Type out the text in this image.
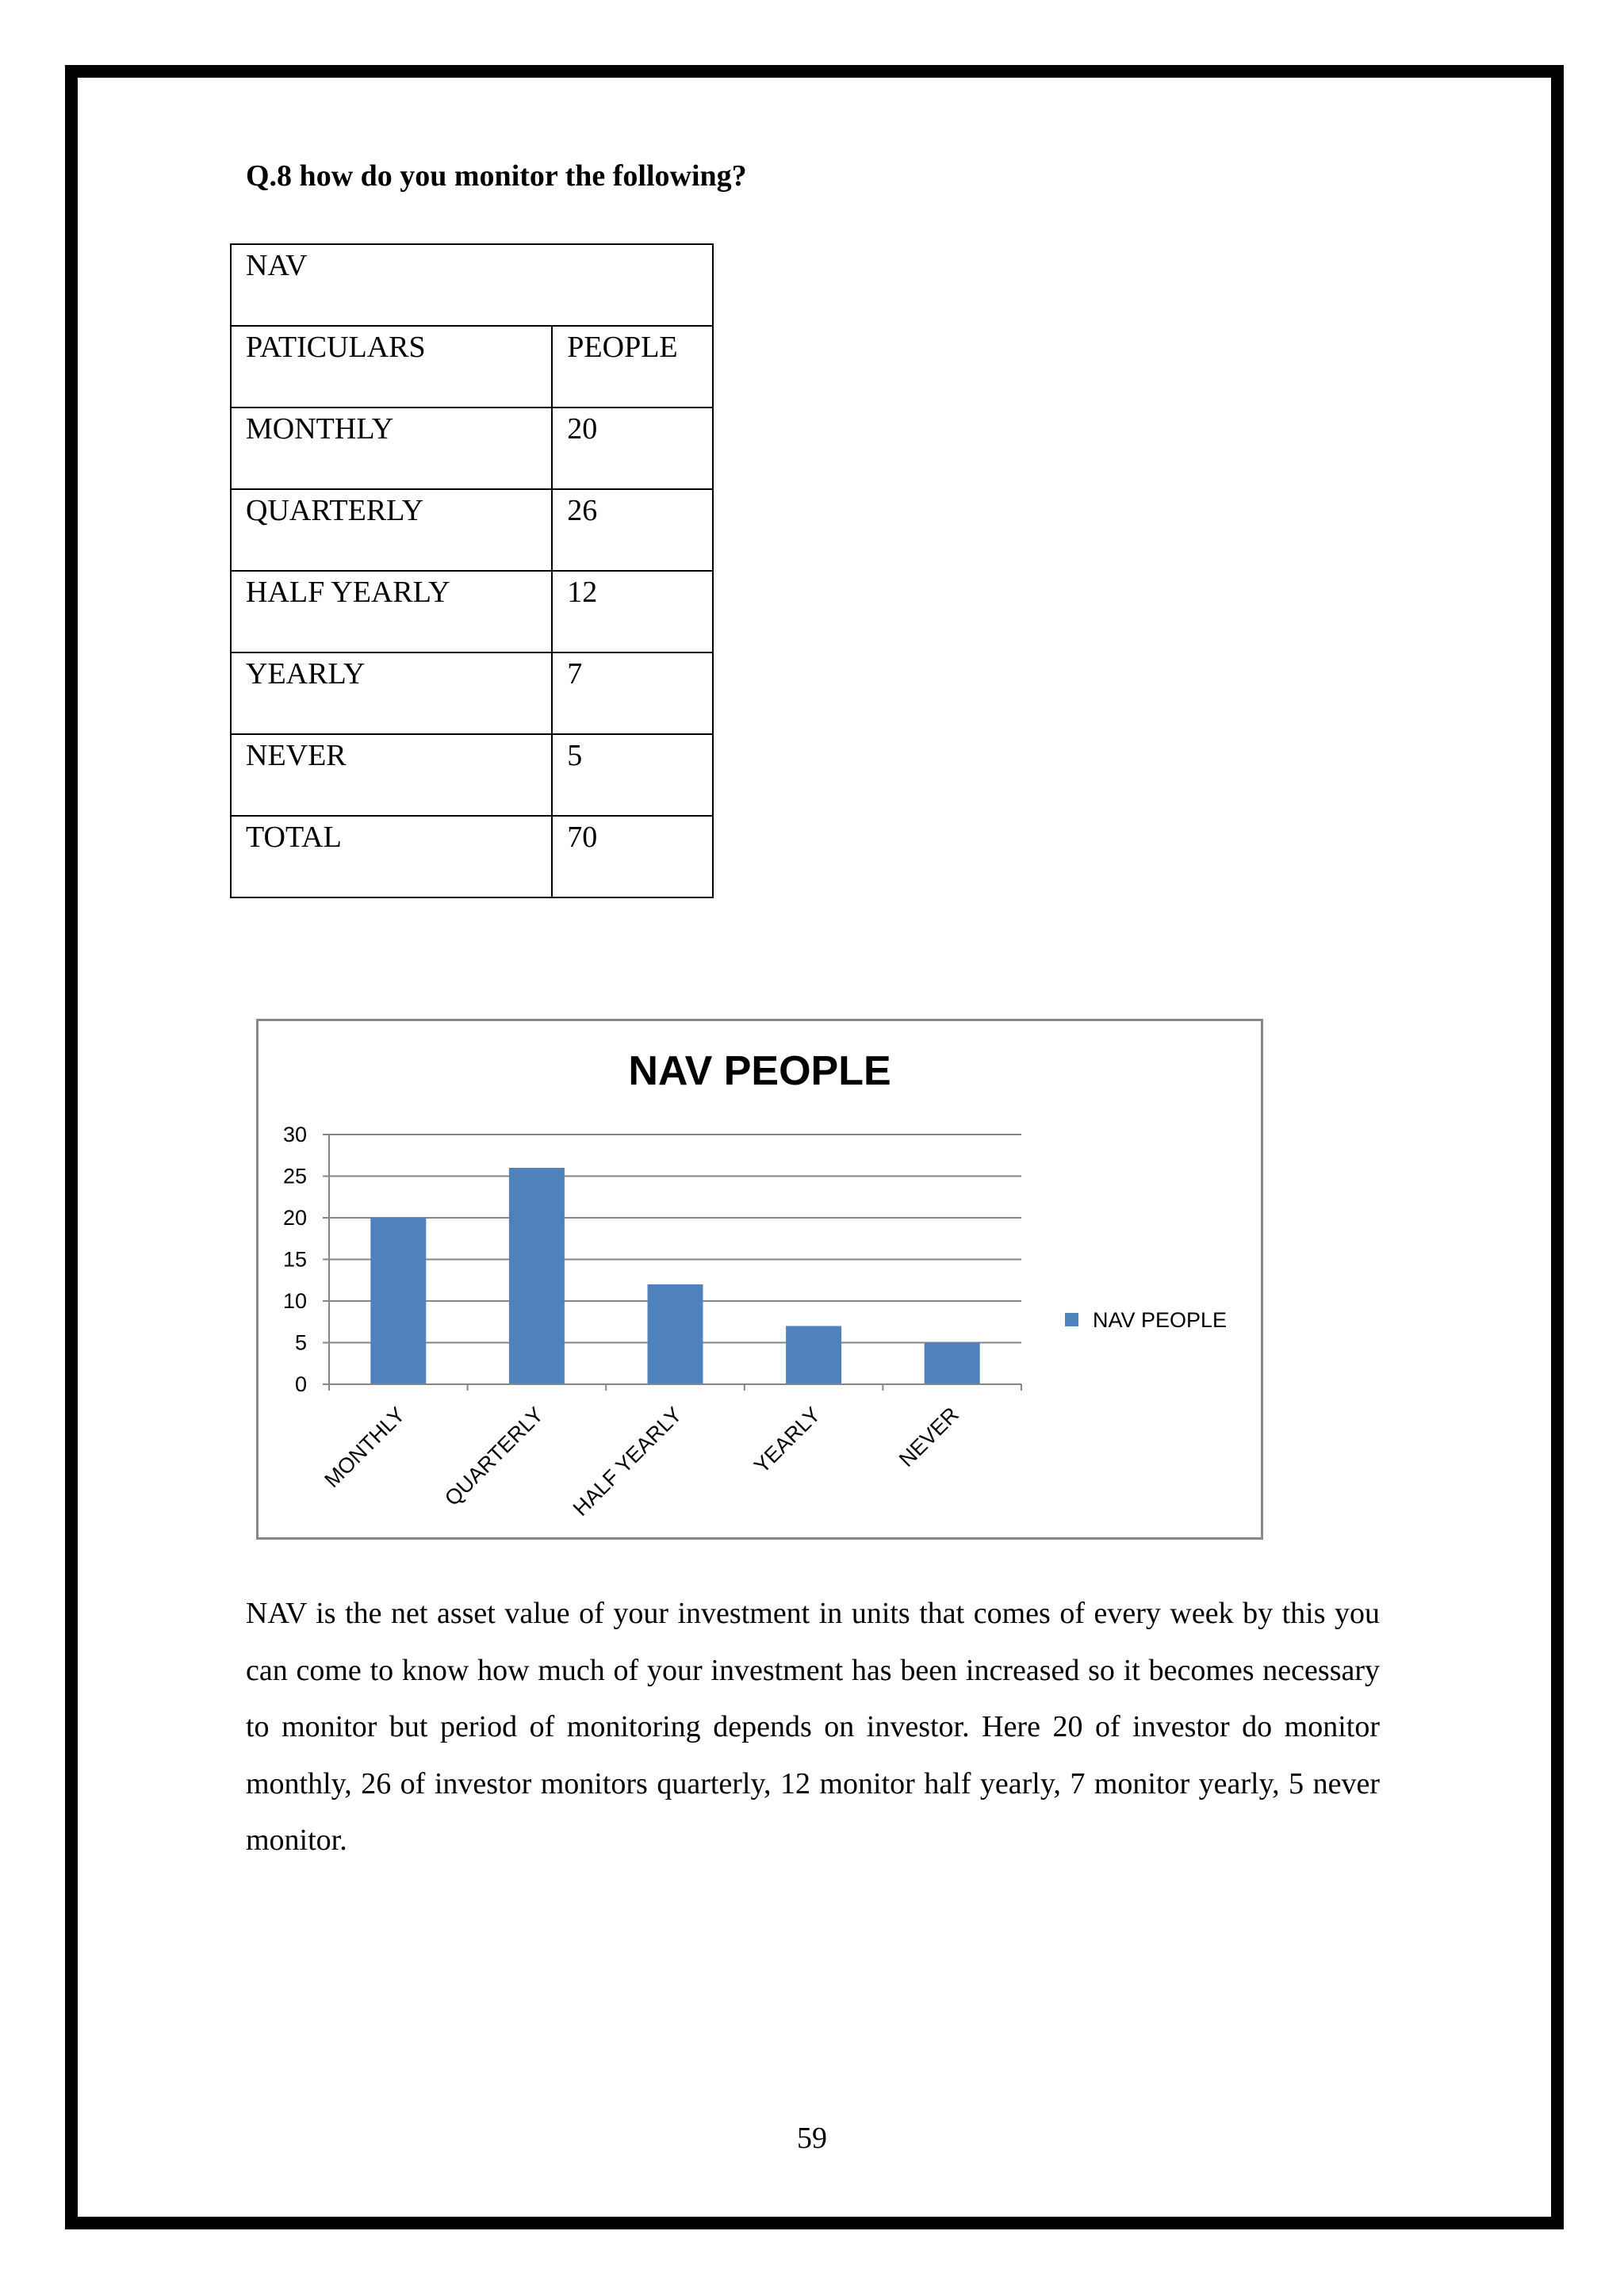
Q.8 how do you monitor the following?

NAV	
PATICULARS	PEOPLE
MONTHLY	20
QUARTERLY	26
HALF YEARLY	12
YEARLY	7
NEVER	5
TOTAL	70
NAV PEOPLE
0
5
10
15
20
25
30
MONTHLY QUARTERLY HALF YEARLY	YEARLY	NEVER
NAV PEOPLE

NAV is the net asset value of your investment in units that comes of every week by this you can come to know how much of your investment has been increased so it becomes necessary to monitor but period of monitoring depends on investor. Here 20 of investor do monitor monthly, 26 of investor monitors quarterly, 12 monitor half yearly, 7 monitor yearly, 5 never monitor.

59
